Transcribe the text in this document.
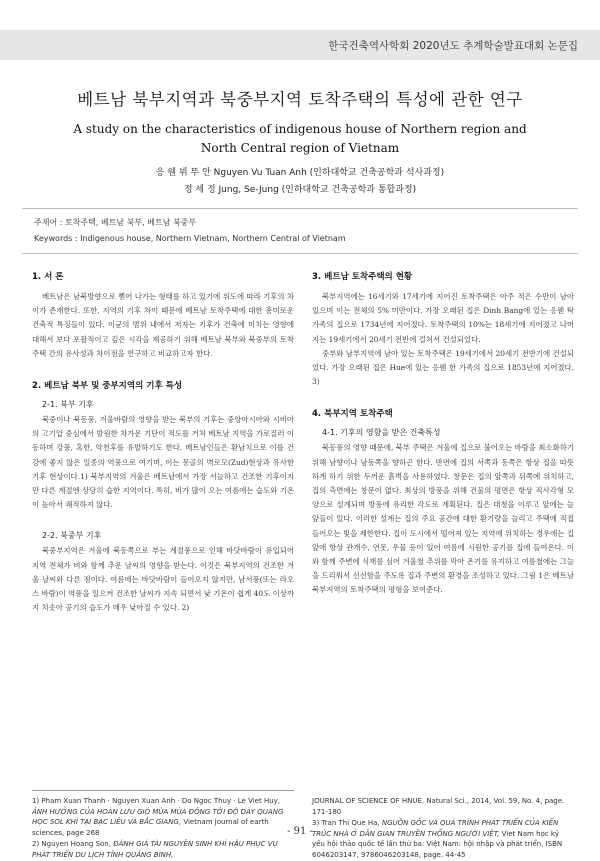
한국건축역사학회 2020년도 추계학술발표대회 논문집
베트남 북부지역과 북중부지역 토착주택의 특성에 관한 연구
A study on the characteristics of indigenous house of Northern region and North Central region of Vietnam
응 웬 뷔 뚜 안 Nguyen Vu Tuan Anh (인하대학교 건축공학과 석사과정)
정 세 정 Jung, Se-Jung (인하대학교 건축공학과 통합과정)
주제어 : 토착주택, 베트남 북부, 베트남 북중부
Keywords : Indigenous house, Northern Vietnam, Northern Central of Vietnam
1. 서 론

베트남은 남북방향으로 뻗어 나가는 형태를 하고 있기에 위도에 따라 기후의 차이가 존재한다. 또한, 지역의 기후 차이 때문에 베트남 토착주택에 대한 흥미로운 건축적 특징들이 있다. 이균의 범위 내에서 저자는 기후가 건축에 미치는 영향에 대해서 보다 포괄적이고 깊은 시각을 제공하기 위해 베트남 북부와 북중부의 토착주택 간의 유사성과 차이점을 연구하고 비교하고자 한다.

2. 베트남 북부 및 중부지역의 기후 특성
2-1. 북부 기후

북중이나 북동풍, 겨울바람의 영향을 받는 북부의 기후는 중앙아시아와 시비아의 고기압 중심에서 발원한 차가운 기단이 적도를 거처 베트남 지역을 가로질러 이동하며 강풍, 혹한, 악천후를 유발하기도 한다. 베트남인들은 환남치으로 이를 건강에 좋지 않은 일종의 역풍으로 여기며, 이는 몽골의 벽로모(Zud)현상과 유사한 기후 현상이다.1) 북부지역의 겨울은 베트남에서 가장 서늘하고 건조한 기후이지만 다른 계절엔 상당히 습한 지역이다. 특히, 비가 많이 오는 여름에는 습도와 기온이 높아서 쾌적하지 않다.

2-2. 북중부 기후

북중부지역은 겨울에 북동쪽으로 부는 계절풍으로 인해 바닷바람이 유입되어 지역 전체가 비와 함께 추운 날씨의 영향을 받는다. 이것은 북부지역의 건조한 겨울 날씨와 다른 점이다. 여름에는 바닷바람이 들어오지 않지만, 남서풍(또는 라오스 바람)이 역풍을 일으켜 건조한 날씨가 지속 되면서 낮 기온이 쉽게 40도 이상까지 치솟아 공기의 습도가 매우 낮아질 수 있다. 2)

3. 베트남 토착주택의 현황

북부지역에는 16세기와 17세기에 지어진 토착주택은 아주 적은 수만이 남아 있으며 이는 전체의 5% 미만이다. 가장 오래된 집은 Dinh Bang에 있는 응웬 탁 가족의 집으로 1734년에 지어졌다. 토착주택의 10%는 18세기에 지어졌고 나머지는 19세기에서 20세기 전반에 걸쳐서 건설되었다.

중부와 남부지역에 남아 있는 토착주택은 19세기에서 20세기 전반기에 건설되었다. 가장 오래된 집은 Hue에 있는 응웬 한 가족의 집으로 1853년에 지어졌다. 3)

4. 북부지역 토착주택
4-1. 기후의 영향을 받은 건축특성

북동풍의 영향 때문에, 북부 주택은 겨울에 집으로 불어오는 바람을 최소화하기 위해 남향이나 남동쪽을 향하곤 한다. 반면에 집의 서쪽과 동쪽은 항상 집을 따뜻하게 하기 위한 두꺼운 흙벽을 사용하였다. 창문은 집의 앞쪽과 뒤쪽에 위치하고, 집의 측면에는 창문이 없다. 최상의 방풍을 위해 건물의 평면은 항상 직사각형 모양으로 설계되며 방풍에 유리한 각도로 계획된다. 집은 대청을 이루고 앞에는 늘 앞들이 있다. 이러한 설계는 집의 주요 공간에 대한 환기량을 늘리고 주택에 직접 들어오는 빛을 제한한다. 집이 도시에서 떨어져 있는 지역에 위치하는 경우에는 집 앞에 항상 관개수, 연못, 우물 등이 있어 여름에 시원한 공기를 집에 들여온다. 이와 함께 주변에 식재를 심어 겨울철 추위를 막아 온기를 유지하고 여름철에는 그늘을 드리워서 선선함을 주도록 집과 주변의 환경을 조성하고 있다. 그림 1은 베트남 북부지역의 토착주택의 평형을 보여준다.

1) Pham Xuan Thanh · Nguyen Xuan Anh · Do Ngoc Thuy · Le Viet Huy, ẢNH HƯỞNG CỦA HOÀN LƯU GIÓ MÙA MÙA ĐÔNG TỚI ĐỘ DÀY QUANG HỌC SOL KHÍ TẠI BẠC LIÊU VÀ BẮC GIANG, Vietnam journal of earth sciences, page 268

2) Nguyen Hoang Son, ĐÁNH GIÁ TÀI NGUYÊN SINH KHÍ HẬU PHỤC VỤ PHÁT TRIỂN DU LỊCH TỈNH QUẢNG BÌNH,

JOURNAL OF SCIENCE OF HNUE. Natural Sci., 2014, Vol. 59, No. 4, page. 171-180

3) Tran Thi Que Ha, NGUỒN GỐC VÀ QUÁ TRÌNH PHÁT TRIỂN CỦA KIẾN TRÚC NHÀ Ở DÂN GIAN TRUYỀN THỐNG NGƯỜI VIỆT, Viet Nam học kỷ yếu hội thảo quốc tế lần thứ ba: Việt Nam: hội nhập và phát triển, ISBN 6046203147, 9786046203148, page. 44-45

- 91 -
